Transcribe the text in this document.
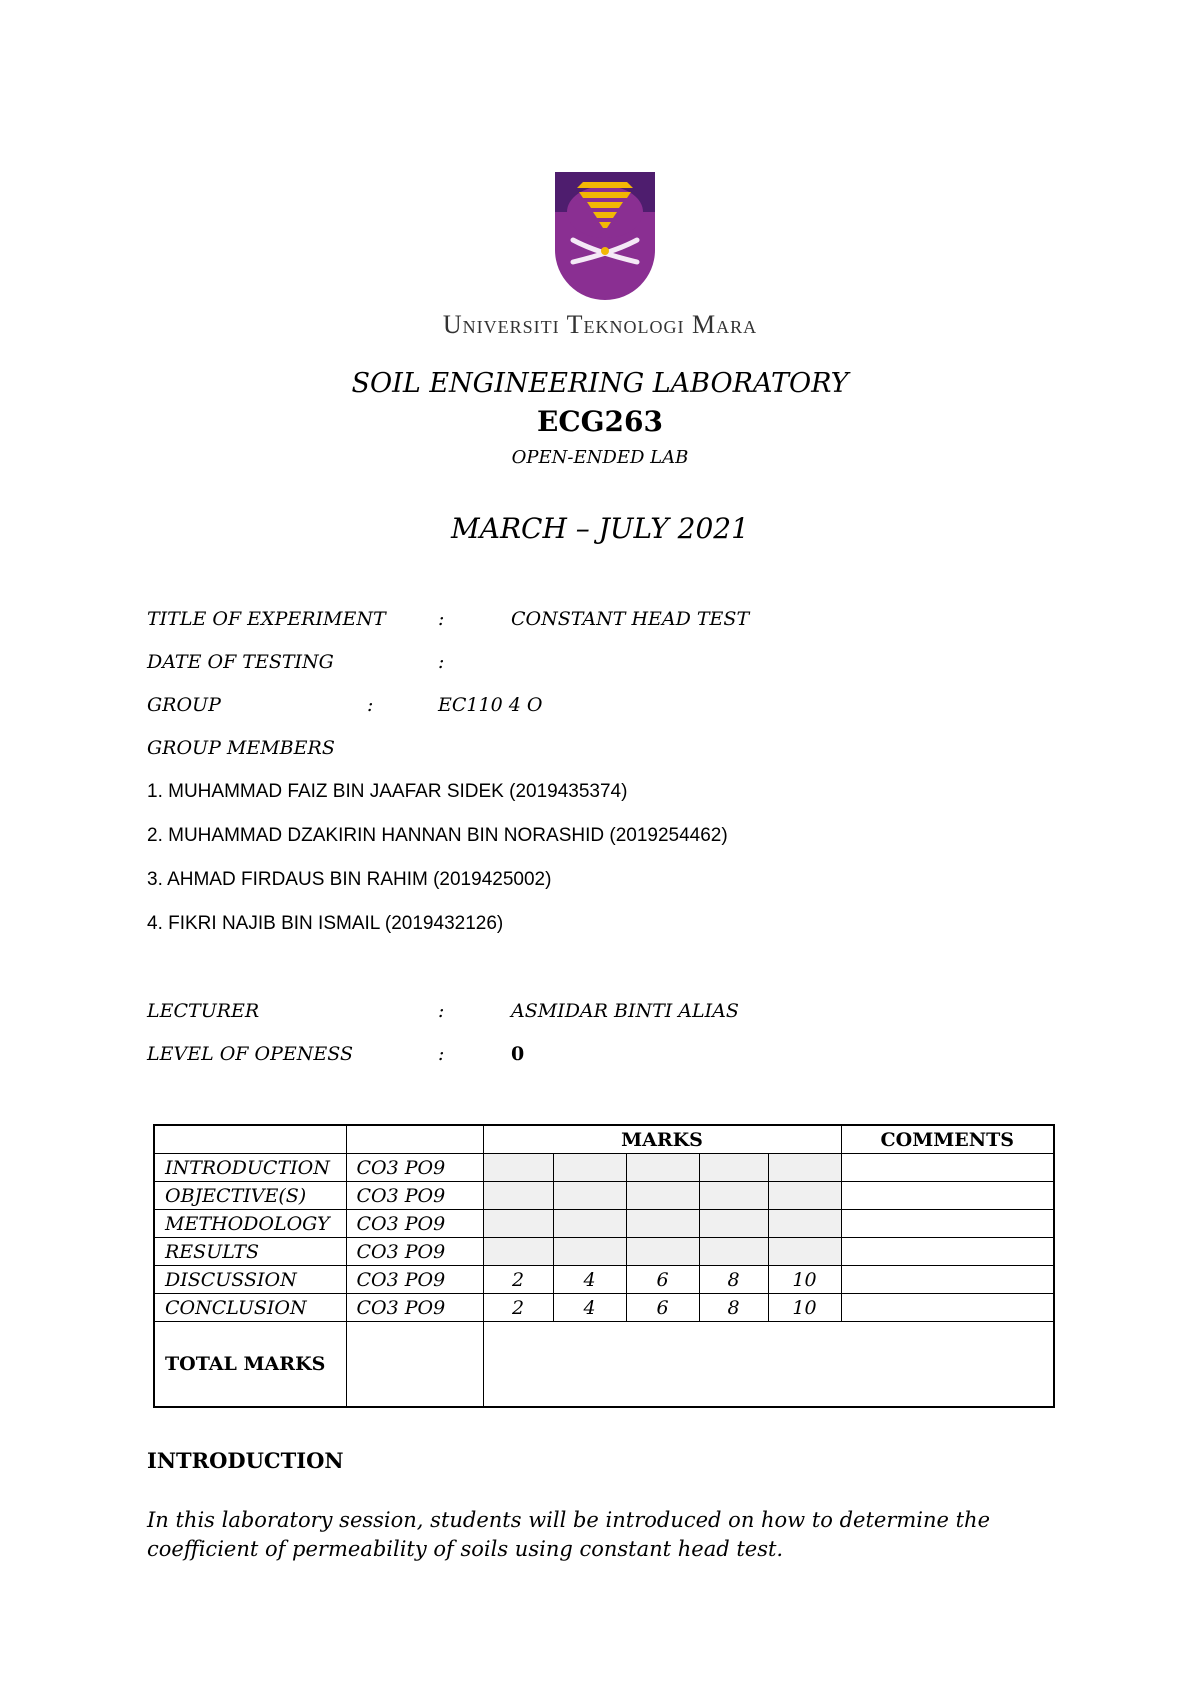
Universiti Teknologi Mara
SOIL ENGINEERING LABORATORY
ECG263
OPEN-ENDED LAB
MARCH – JULY 2021
TITLE OF EXPERIMENT	:	CONSTANT HEAD TEST
DATE OF TESTING	:
GROUP	:	EC110 4 O
GROUP MEMBERS
1. MUHAMMAD FAIZ BIN JAAFAR SIDEK (2019435374)
2. MUHAMMAD DZAKIRIN HANNAN BIN NORASHID (2019254462)
3. AHMAD FIRDAUS BIN RAHIM (2019425002)
4. FIKRI NAJIB BIN ISMAIL (2019432126)
LECTURER	:	ASMIDAR BINTI ALIAS
LEVEL OF OPENESS	:	0
		MARKS					COMMENTS
INTRODUCTION	CO3 PO9						
OBJECTIVE(S)	CO3 PO9						
METHODOLOGY	CO3 PO9						
RESULTS	CO3 PO9						
DISCUSSION	CO3 PO9	2	4	6	8	10	
CONCLUSION	CO3 PO9	2	4	6	8	10	
TOTAL MARKS							
INTRODUCTION
In this laboratory session, students will be introduced on how to determine the coefficient of permeability of soils using constant head test.
